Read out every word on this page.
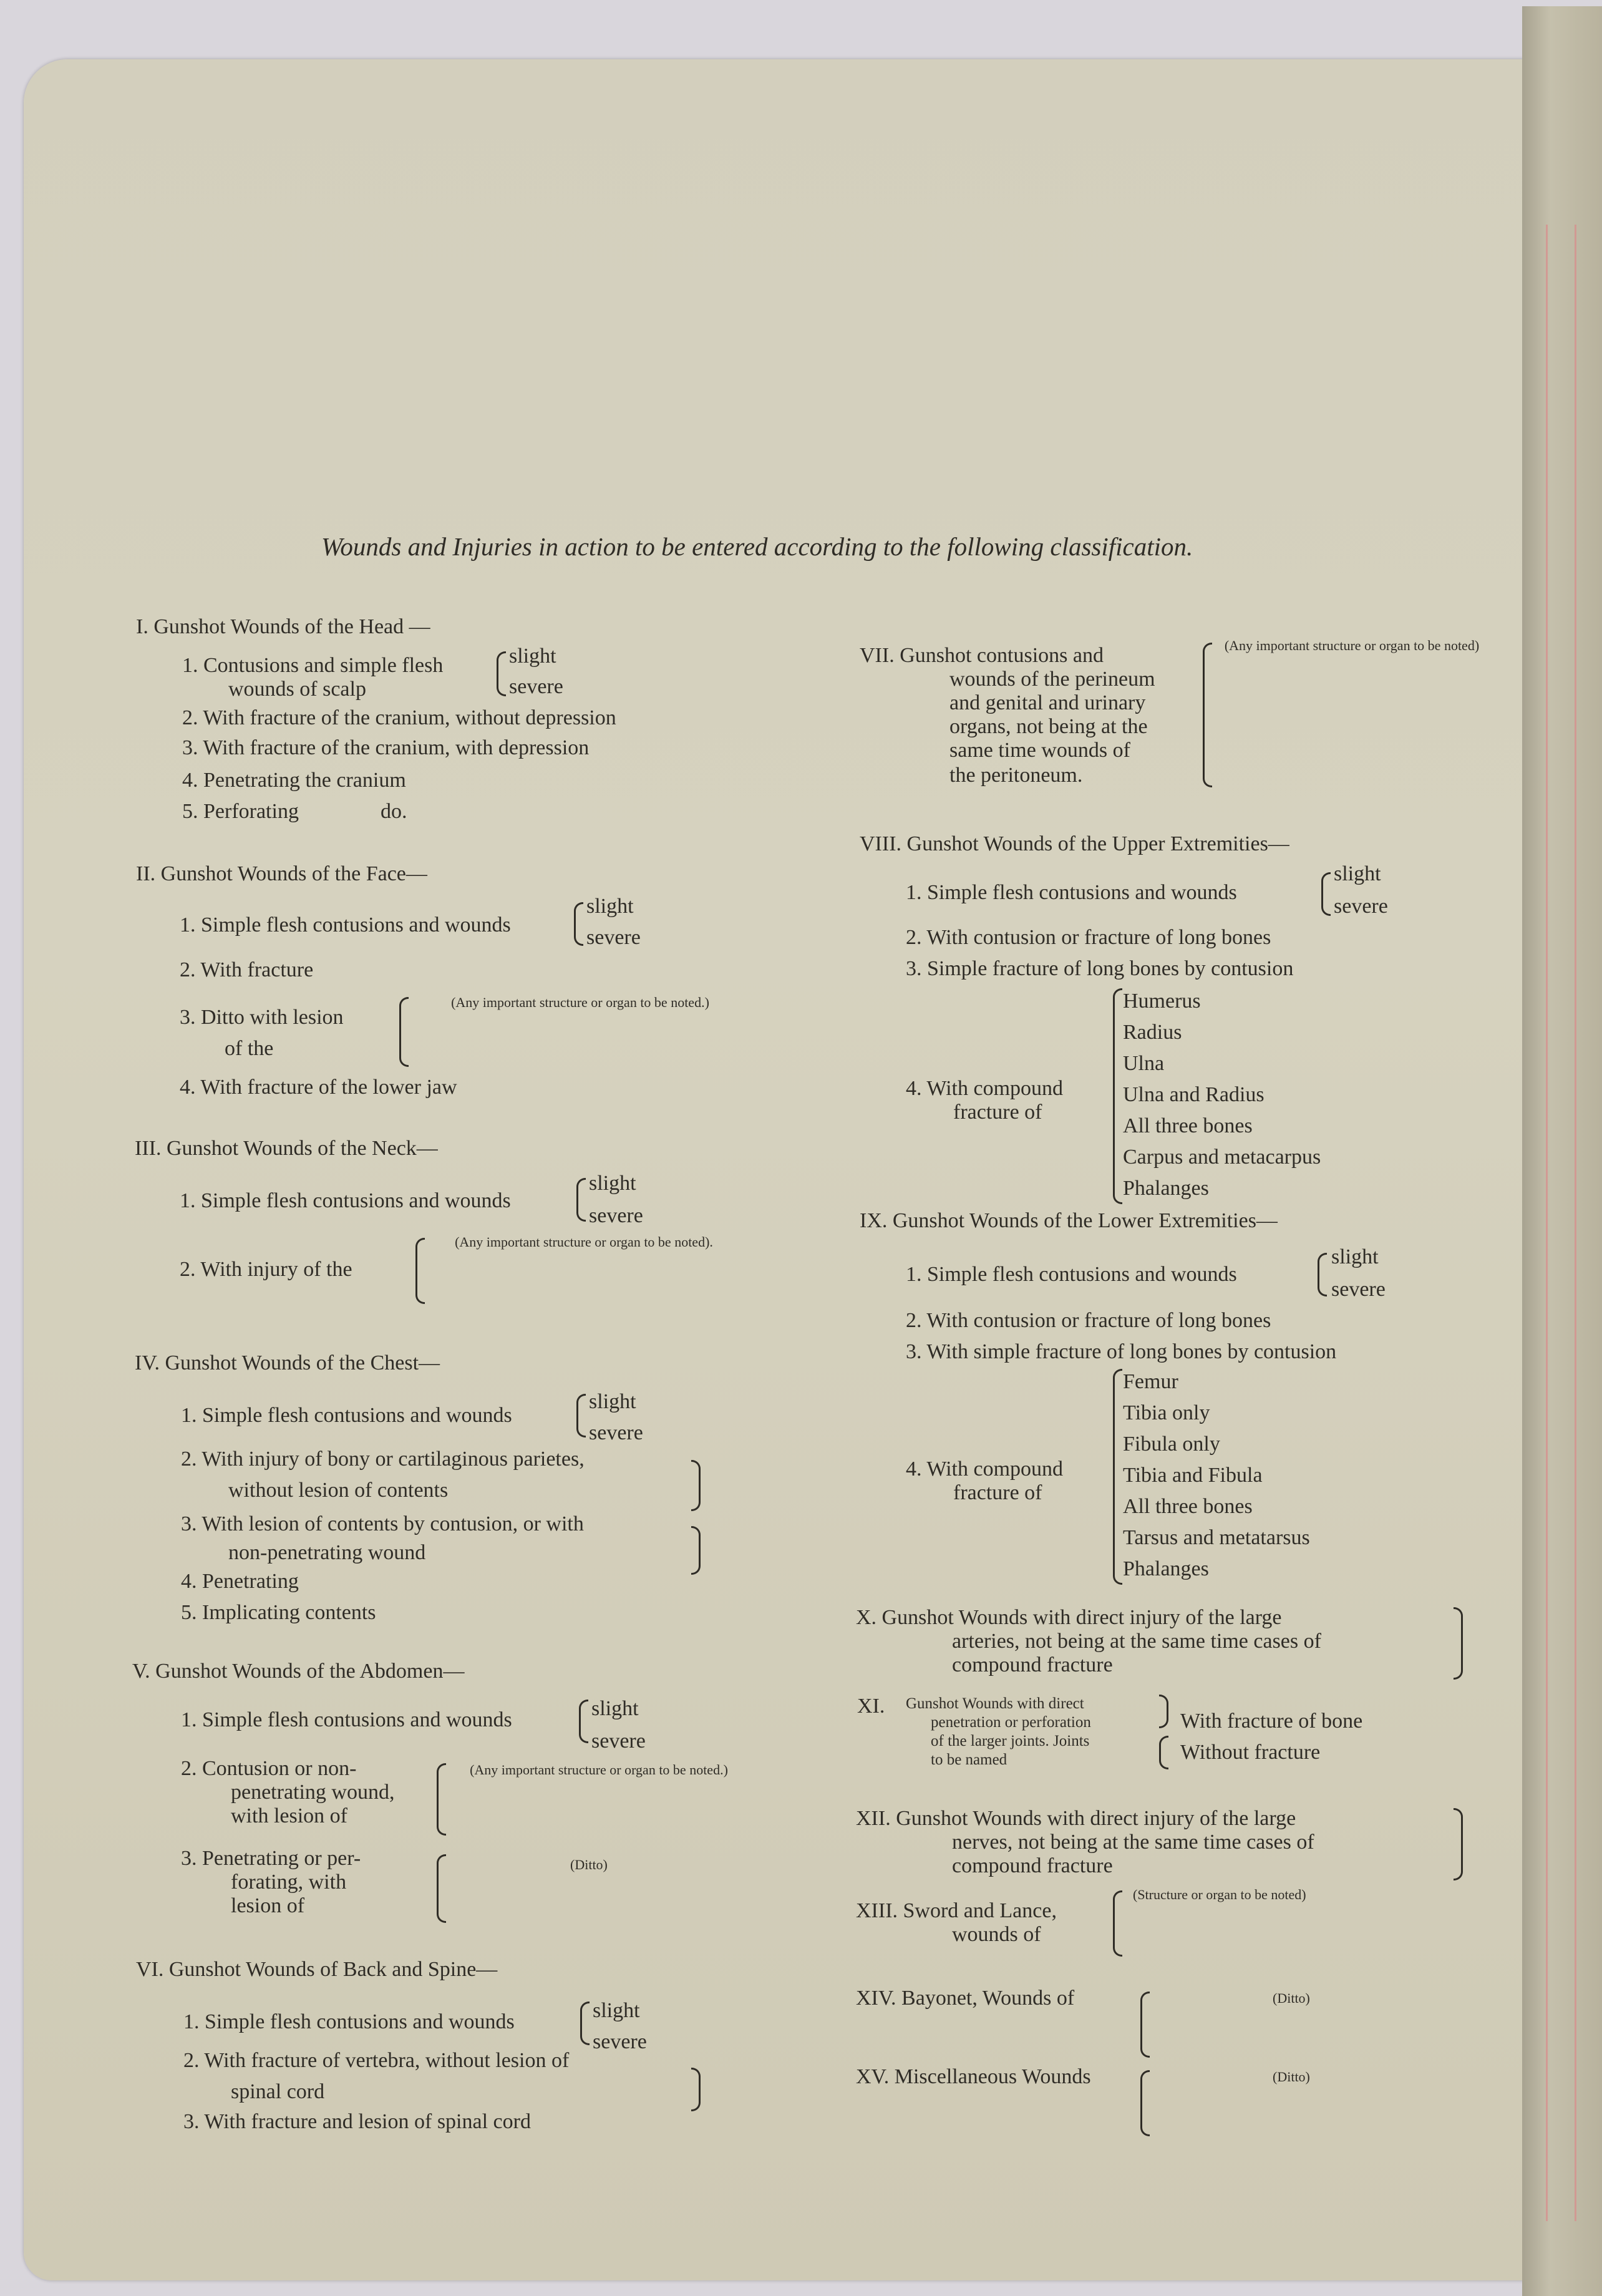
Wounds and Injuries in action to be entered according to the following classification.
I. Gunshot Wounds of the Head —
1. Contusions and simple flesh
wounds of scalp
slight
severe
2. With fracture of the cranium, without depression
3. With fracture of the cranium, with depression
4. Penetrating the cranium
5. Perforating	do.
II. Gunshot Wounds of the Face—
1. Simple flesh contusions and wounds
slight
severe
2. With fracture
3. Ditto with lesion
of the
(Any important structure or organ to be noted.)
4. With fracture of the lower jaw
III. Gunshot Wounds of the Neck—
1. Simple flesh contusions and wounds
slight
severe
2. With injury of the
(Any important structure or organ to be noted).
IV. Gunshot Wounds of the Chest—
1. Simple flesh contusions and wounds
slight
severe
2. With injury of bony or cartilaginous parietes,
without lesion of contents
3. With lesion of contents by contusion, or with
non-penetrating wound
4. Penetrating
5. Implicating contents
V. Gunshot Wounds of the Abdomen—
1. Simple flesh contusions and wounds	slight
severe
2. Contusion or non-
penetrating wound,
with lesion of
(Any important structure or organ to be noted.)
3. Penetrating or per-
forating, with
lesion of
(Ditto)
VI. Gunshot Wounds of Back and Spine—
1. Simple flesh contusions and wounds	slight
severe
2. With fracture of vertebra, without lesion of
spinal cord
3. With fracture and lesion of spinal cord
VII. Gunshot contusions and
wounds of the perineum
and genital and urinary
organs, not being at the
same time wounds of
the peritoneum.
(Any important structure or organ to be noted)
VIII. Gunshot Wounds of the Upper Extremities—
1. Simple flesh contusions and wounds
slight
severe
2. With contusion or fracture of long bones
3. Simple fracture of long bones by contusion
4. With compound
fracture of
Humerus
Radius
Ulna
Ulna and Radius
All three bones
Carpus and metacarpus
Phalanges
IX. Gunshot Wounds of the Lower Extremities—
1. Simple flesh contusions and wounds
slight
severe
2. With contusion or fracture of long bones
3. With simple fracture of long bones by contusion
4. With compound
fracture of
Femur
Tibia only
Fibula only
Tibia and Fibula
All three bones
Tarsus and metatarsus
Phalanges
X. Gunshot Wounds with direct injury of the large
arteries, not being at the same time cases of
compound fracture
XI. Gunshot Wounds with direct
penetration or perforation
of the larger joints. Joints
to be named
With fracture of bone
Without fracture
XII. Gunshot Wounds with direct injury of the large
nerves, not being at the same time cases of
compound fracture
XIII. Sword and Lance,
wounds of
(Structure or organ to be noted)
XIV. Bayonet, Wounds of	(Ditto)
XV. Miscellaneous Wounds	(Ditto)
